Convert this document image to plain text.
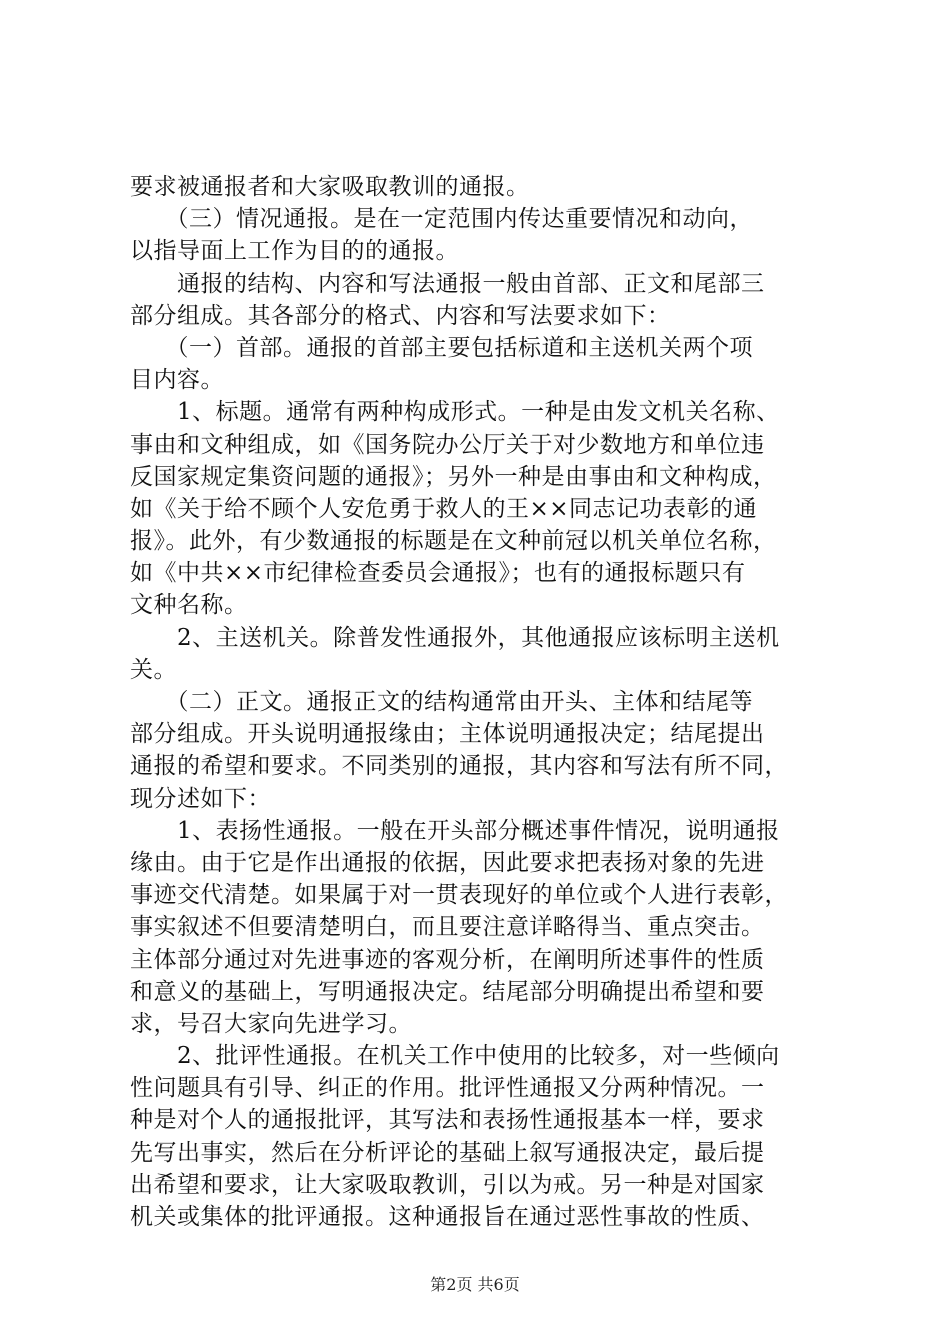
要求被通报者和大家吸取教训的通报。
　　（三）情况通报。是在一定范围内传达重要情况和动向，
以指导面上工作为目的的通报。
　　通报的结构、内容和写法通报一般由首部、正文和尾部三
部分组成。其各部分的格式、内容和写法要求如下：
　　（一）首部。通报的首部主要包括标道和主送机关两个项
目内容。
　　1、标题。通常有两种构成形式。一种是由发文机关名称、
事由和文种组成，如《国务院办公厅关于对少数地方和单位违
反国家规定集资问题的通报》；另外一种是由事由和文种构成，
如《关于给不顾个人安危勇于救人的王××同志记功表彰的通
报》。此外，有少数通报的标题是在文种前冠以机关单位名称，
如《中共××市纪律检查委员会通报》；也有的通报标题只有
文种名称。
　　2、主送机关。除普发性通报外，其他通报应该标明主送机
关。
　　（二）正文。通报正文的结构通常由开头、主体和结尾等
部分组成。开头说明通报缘由；主体说明通报决定；结尾提出
通报的希望和要求。不同类别的通报，其内容和写法有所不同，
现分述如下：
　　1、表扬性通报。一般在开头部分概述事件情况，说明通报
缘由。由于它是作出通报的依据，因此要求把表扬对象的先进
事迹交代清楚。如果属于对一贯表现好的单位或个人进行表彰，
事实叙述不但要清楚明白，而且要注意详略得当、重点突击。
主体部分通过对先进事迹的客观分析，在阐明所述事件的性质
和意义的基础上，写明通报决定。结尾部分明确提出希望和要
求，号召大家向先进学习。
　　2、批评性通报。在机关工作中使用的比较多，对一些倾向
性问题具有引导、纠正的作用。批评性通报又分两种情况。一
种是对个人的通报批评，其写法和表扬性通报基本一样，要求
先写出事实，然后在分析评论的基础上叙写通报决定，最后提
出希望和要求，让大家吸取教训，引以为戒。另一种是对国家
机关或集体的批评通报。这种通报旨在通过恶性事故的性质、
第2页 共6页
